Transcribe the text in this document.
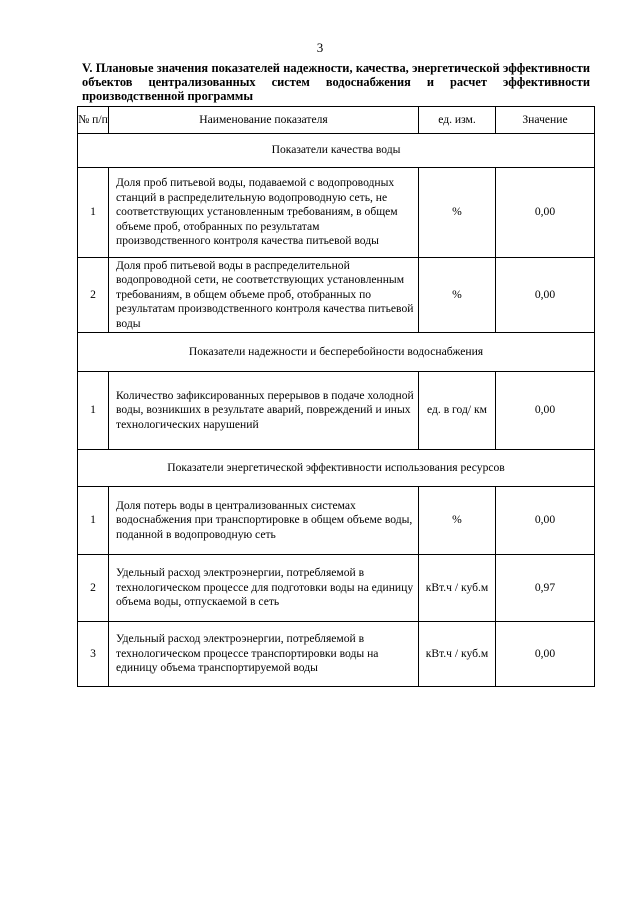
3
V. Плановые значения показателей надежности, качества, энергетической эффективности объектов централизованных систем водоснабжения и расчет эффективности производственной программы
№ п/п	Наименование показателя	ед. изм.	Значение
Показатели качества воды			
1	Доля проб питьевой воды, подаваемой с водопроводных станций в распределительную водопроводную сеть, не соответствующих установленным требованиям, в общем объеме проб, отобранных по результатам производственного контроля качества питьевой воды	%	0,00
2	Доля проб питьевой воды в распределительной водопроводной сети, не соответствующих установленным требованиям, в общем объеме проб, отобранных по результатам производственного контроля качества питьевой воды	%	0,00
Показатели надежности и бесперебойности водоснабжения			
1	Количество зафиксированных перерывов в подаче холодной воды, возникших в результате аварий, повреждений и иных технологических нарушений	ед. в год/ км	0,00
Показатели энергетической эффективности использования ресурсов			
1	Доля потерь воды в централизованных системах водоснабжения при транспортировке в общем объеме воды, поданной в водопроводную сеть	%	0,00
2	Удельный расход электроэнергии, потребляемой в технологическом процессе для подготовки воды на единицу объема воды, отпускаемой в сеть	кВт.ч / куб.м	0,97
3	Удельный расход электроэнергии, потребляемой в технологическом процессе транспортировки воды на единицу объема транспортируемой воды	кВт.ч / куб.м	0,00
